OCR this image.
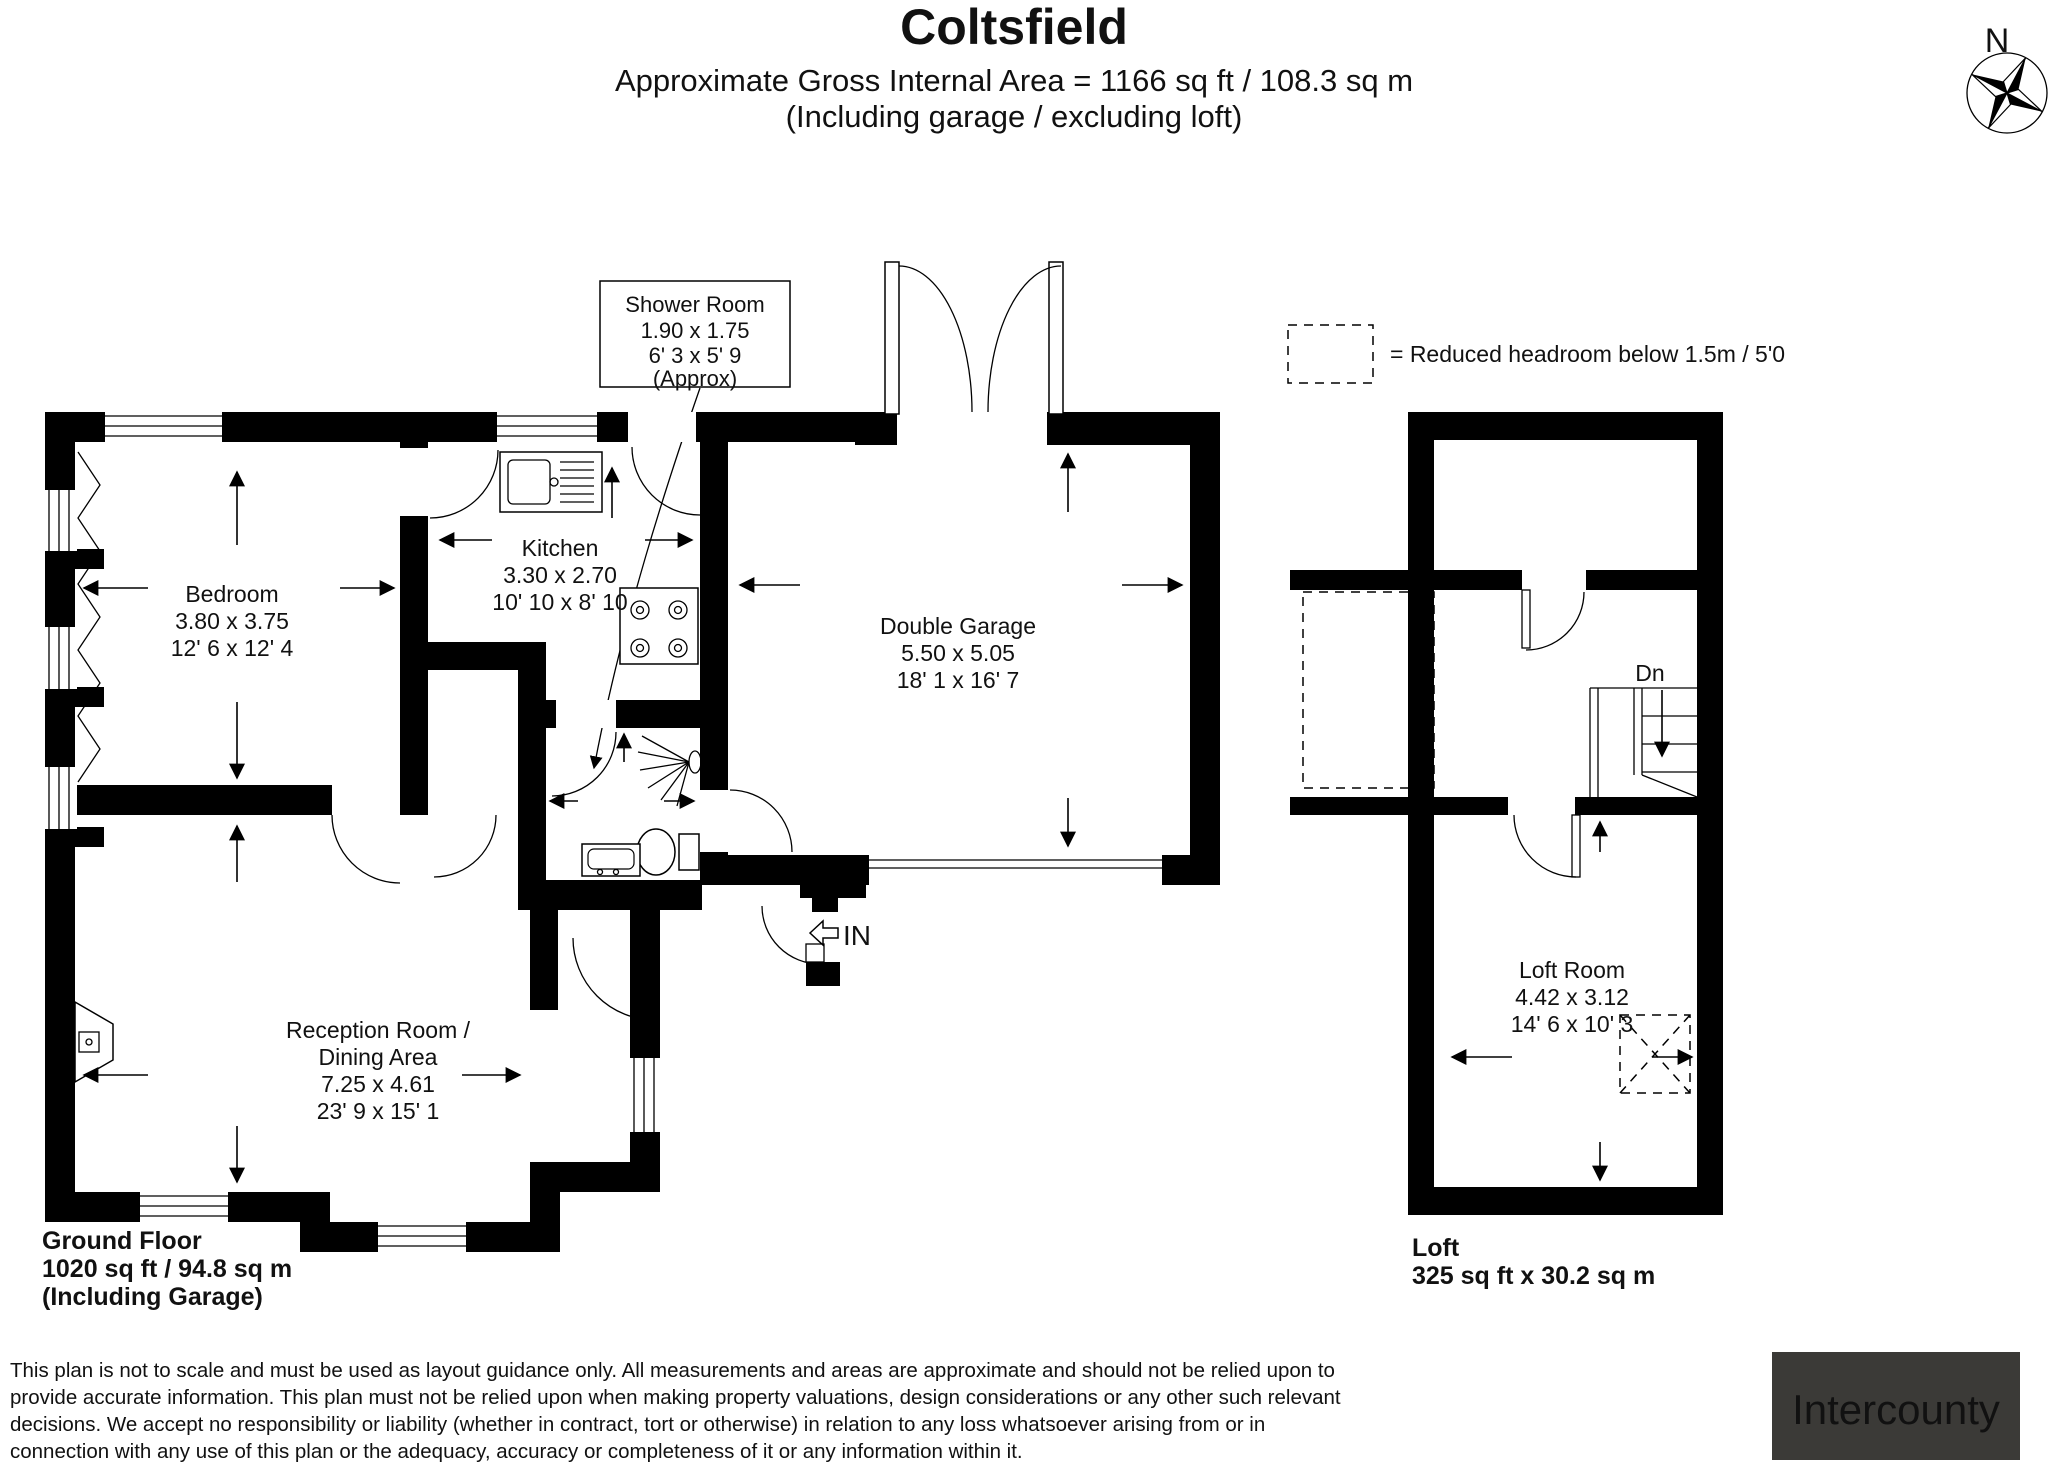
Coltsfield
Approximate Gross Internal Area = 1166 sq ft / 108.3 sq m
(Including garage / excluding loft)
N
= Reduced headroom below 1.5m / 5'0
Shower Room
1.90 x 1.75
6' 3 x 5' 9
(Approx)
Bedroom
3.80 x 3.75
12' 6 x 12' 4
Kitchen
3.30 x 2.70
10' 10 x 8' 10
Double Garage
5.50 x 5.05
18' 1 x 16' 7
Reception Room /
Dining Area
7.25 x 4.61
23' 9 x 15' 1
IN
Dn
Loft Room
4.42 x 3.12
14' 6 x 10' 3
Ground Floor
1020 sq ft / 94.8 sq m
(Including Garage)
Loft
325 sq ft x 30.2 sq m
This plan is not to scale and must be used as layout guidance only. All measurements and areas are approximate and should not be relied upon to
provide accurate information. This plan must not be relied upon when making property valuations, design considerations or any other such relevant
decisions. We accept no responsibility or liability (whether in contract, tort or otherwise) in relation to any loss whatsoever arising from or in
connection with any use of this plan or the adequacy, accuracy or completeness of it or any information within it.
Intercounty
